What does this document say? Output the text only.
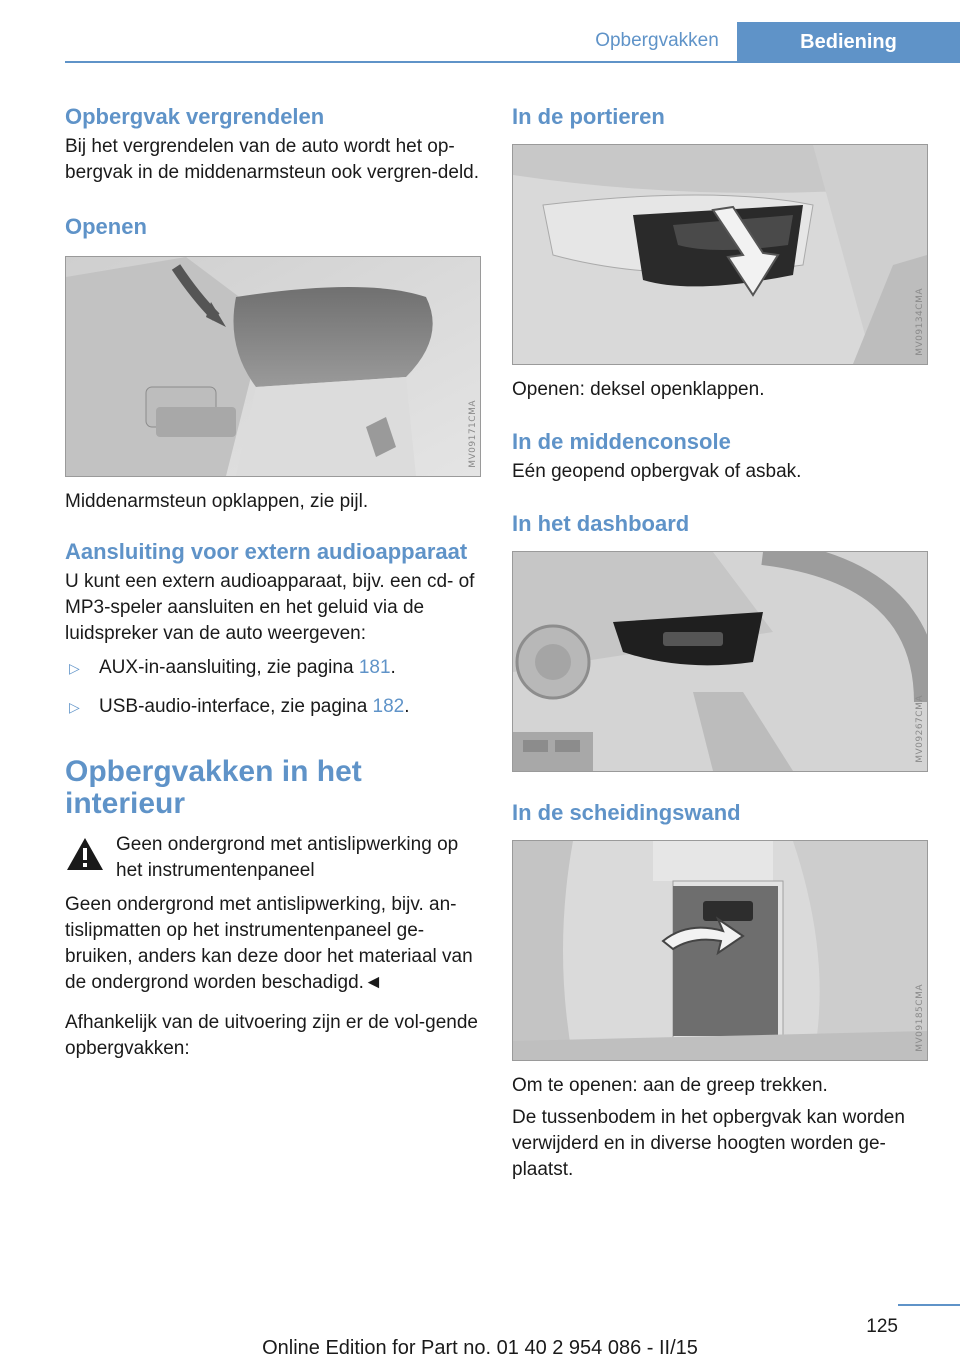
Opbergvakken	Bediening
Opbergvak vergrendelen

Bij het vergrendelen van de auto wordt het op-bergvak in de middenarmsteun ook vergren-deld.

Openen
MV09171CMA

Middenarmsteun opklappen, zie pijl.

Aansluiting voor extern audioapparaat

U kunt een extern audioapparaat, bijv. een cd- of MP3-speler aansluiten en het geluid via de luidspreker van de auto weergeven:

▷ AUX-in-aansluiting, zie pagina 181.
▷ USB-audio-interface, zie pagina 182.
Opbergvakken in het interieur

Geen ondergrond met antislipwerking op het instrumentenpaneel

Geen ondergrond met antislipwerking, bijv. an-tislipmatten op het instrumentenpaneel ge-bruiken, anders kan deze door het materiaal van de ondergrond worden beschadigd.◄

Afhankelijk van de uitvoering zijn er de vol-gende opbergvakken:

In de portieren
MV09134CMA

Openen: deksel openklappen.

In de middenconsole

Eén geopend opbergvak of asbak.

In het dashboard
MV09267CMA
In de scheidingswand
MV09185CMA

Om te openen: aan de greep trekken.

De tussenbodem in het opbergvak kan worden verwijderd en in diverse hoogten worden ge-plaatst.

125
Online Edition for Part no. 01 40 2 954 086 - II/15
